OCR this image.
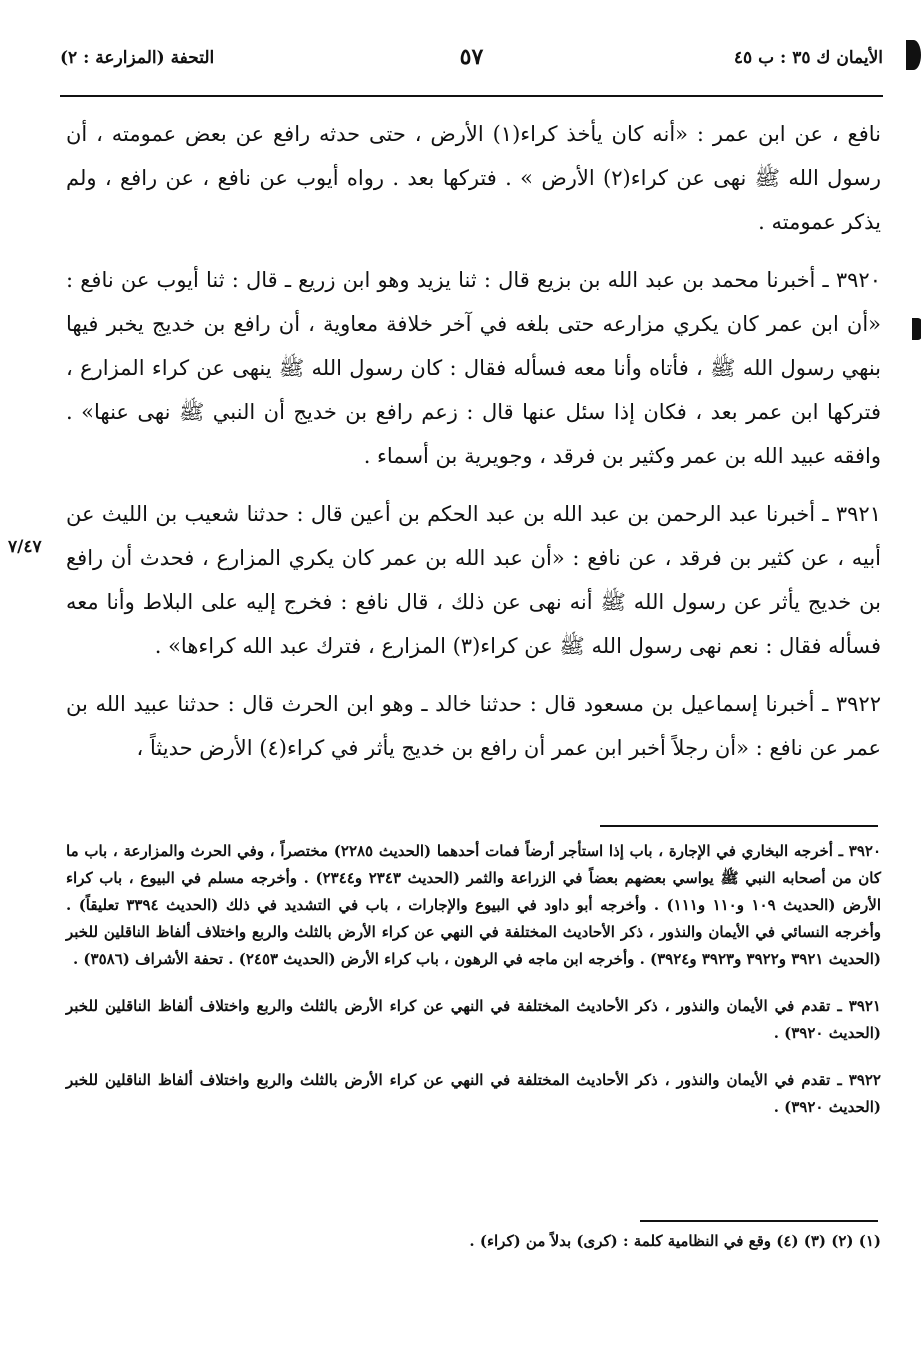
الأيمان ك ٣٥ : ب ٤٥
٥٧
التحفة (المزارعة : ٢)
٧/٤٧

نافع ، عن ابن عمر : «أنه كان يأخذ كراء(١) الأرض ، حتى حدثه رافع عن بعض عمومته ، أن رسول الله ﷺ نهى عن كراء(٢) الأرض » . فتركها بعد . رواه أيوب عن نافع ، عن رافع ، ولم يذكر عمومته .

٣٩٢٠ ـ أخبرنا محمد بن عبد الله بن بزيع قال : ثنا يزيد وهو ابن زريع ـ قال : ثنا أيوب عن نافع : «أن ابن عمر كان يكري مزارعه حتى بلغه في آخر خلافة معاوية ، أن رافع بن خديج يخبر فيها بنهي رسول الله ﷺ ، فأتاه وأنا معه فسأله فقال : كان رسول الله ﷺ ينهى عن كراء المزارع ، فتركها ابن عمر بعد ، فكان إذا سئل عنها قال : زعم رافع بن خديج أن النبي ﷺ نهى عنها» . وافقه عبيد الله بن عمر وكثير بن فرقد ، وجويرية بن أسماء .

٣٩٢١ ـ أخبرنا عبد الرحمن بن عبد الله بن عبد الحكم بن أعين قال : حدثنا شعيب بن الليث عن أبيه ، عن كثير بن فرقد ، عن نافع : «أن عبد الله بن عمر كان يكري المزارع ، فحدث أن رافع بن خديج يأثر عن رسول الله ﷺ أنه نهى عن ذلك ، قال نافع : فخرج إليه على البلاط وأنا معه فسأله فقال : نعم نهى رسول الله ﷺ عن كراء(٣) المزارع ، فترك عبد الله كراءها» .

٣٩٢٢ ـ أخبرنا إسماعيل بن مسعود قال : حدثنا خالد ـ وهو ابن الحرث قال : حدثنا عبيد الله بن عمر عن نافع : «أن رجلاً أخبر ابن عمر أن رافع بن خديج يأثر في كراء(٤) الأرض حديثاً ،

٣٩٢٠ ـ أخرجه البخاري في الإجارة ، باب إذا استأجر أرضاً فمات أحدهما (الحديث ٢٢٨٥) مختصراً ، وفي الحرث والمزارعة ، باب ما كان من أصحابه النبي ﷺ يواسي بعضهم بعضاً في الزراعة والثمر (الحديث ٢٣٤٣ و٢٣٤٤) . وأخرجه مسلم في البيوع ، باب كراء الأرض (الحديث ١٠٩ و١١٠ و١١١) . وأخرجه أبو داود في البيوع والإجارات ، باب في التشديد في ذلك (الحديث ٣٣٩٤ تعليقاً) . وأخرجه النسائي في الأيمان والنذور ، ذكر الأحاديث المختلفة في النهي عن كراء الأرض بالثلث والربع واختلاف ألفاظ الناقلين للخبر (الحديث ٣٩٢١ و٣٩٢٢ و٣٩٢٣ و٣٩٢٤) . وأخرجه ابن ماجه في الرهون ، باب كراء الأرض (الحديث ٢٤٥٣) . تحفة الأشراف (٣٥٨٦) .

٣٩٢١ ـ تقدم في الأيمان والنذور ، ذكر الأحاديث المختلفة في النهي عن كراء الأرض بالثلث والربع واختلاف ألفاظ الناقلين للخبر (الحديث ٣٩٢٠) .

٣٩٢٢ ـ تقدم في الأيمان والنذور ، ذكر الأحاديث المختلفة في النهي عن كراء الأرض بالثلث والربع واختلاف ألفاظ الناقلين للخبر (الحديث ٣٩٢٠) .

(١) (٢) (٣) (٤) وقع في النظامية كلمة : (كرى) بدلاً من (كراء) .
